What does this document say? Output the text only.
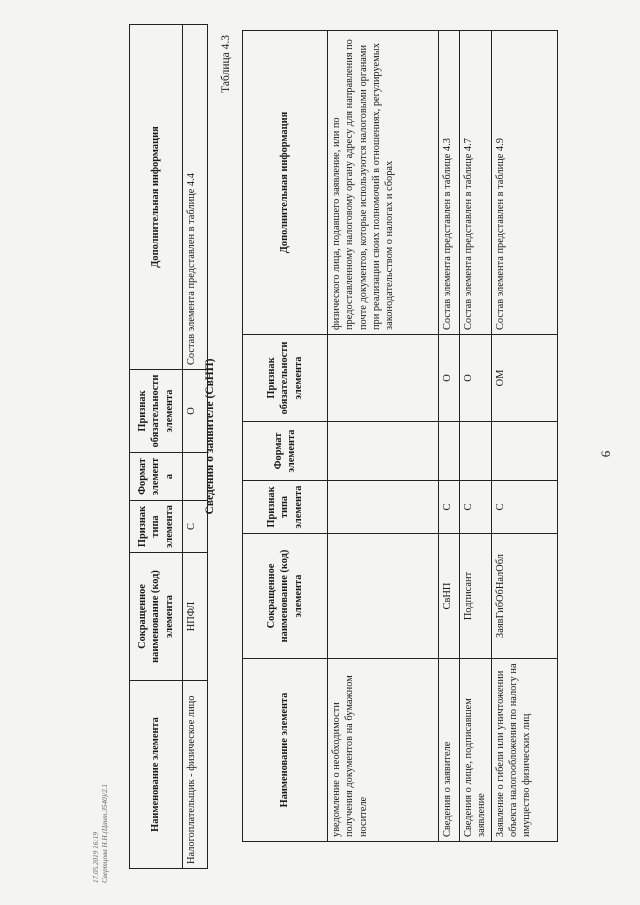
6
Наименование элемента	Сокращенное наименование (код) элемента	Признак типа элемента	Формат элемента	Признак обязательности элемента	Дополнительная информация
уведомление о необходимости получения документов на бумажном носителе					физического лица, подавшего заявление, или по предоставленному налоговому органу адресу для направления по почте документов, которые используются налоговыми органами при реализации своих полномочий в отношениях, регулируемых законодательством о налогах и сборах
Сведения о заявителе	СвНП	С		О	Состав элемента представлен в таблице 4.3
Сведения о лице, подписавшем заявление	Подписант	С		О	Состав элемента представлен в таблице 4.7
Заявление о гибели или уничтожении объекта налогообложения по налогу на имущество физических лиц	ЗаявГибОбНалОбл	С		ОМ	Состав элемента представлен в таблице 4.9
Таблица 4.3
Сведения о заявителе (СвНП)
Наименование элемента	Сокращенное наименование (код) элемента	Признак типа элемента	Формат элемента	Признак обязательности элемента	Дополнительная информация
Налогоплательщик - физическое лицо	НПФЛ	С		О	Состав элемента представлен в таблице 4.4
17.05.2019 16:19 Свертцова Н.Н.(Цант.3540)/2.1
